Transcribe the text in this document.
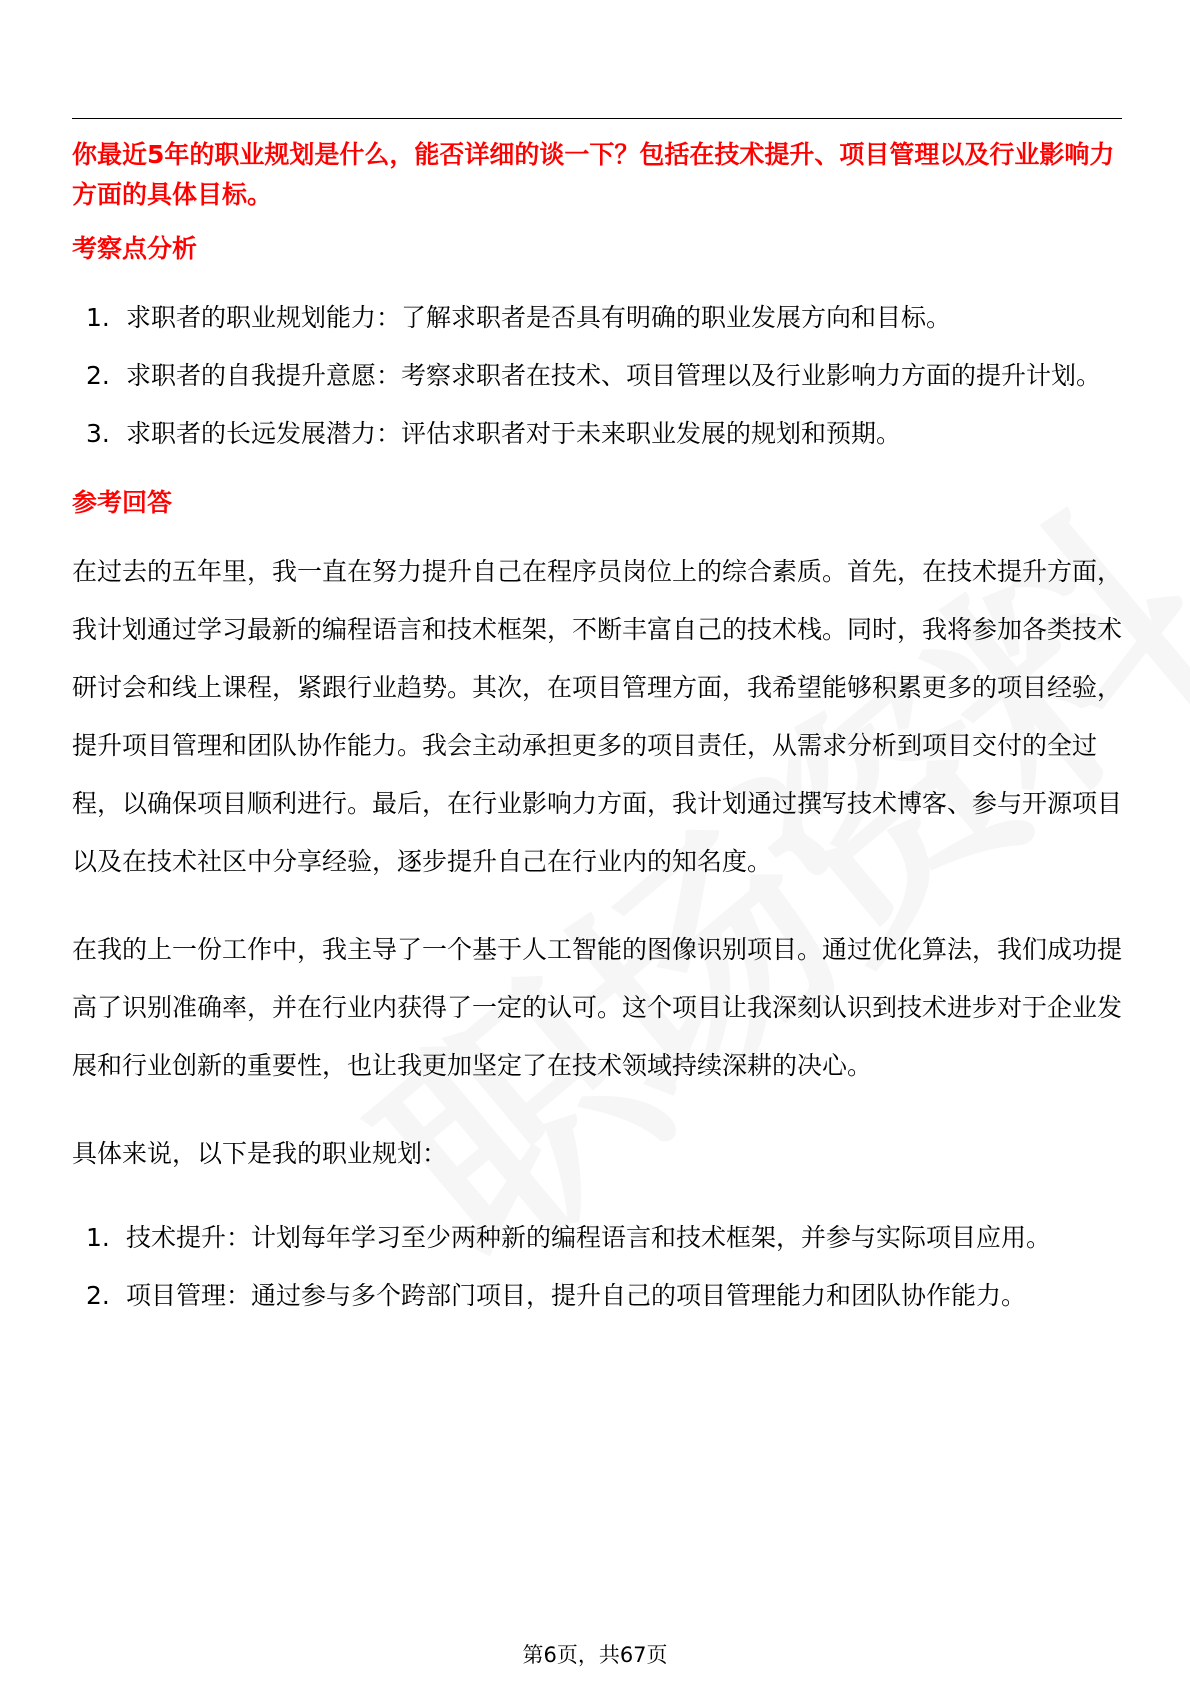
你最近5年的职业规划是什么，能否详细的谈一下？包括在技术提升、项目管理以及行业影响力方面的具体目标。

考察点分析

1. 求职者的职业规划能力：了解求职者是否具有明确的职业发展方向和目标。
2. 求职者的自我提升意愿：考察求职者在技术、项目管理以及行业影响力方面的提升计划。
3. 求职者的长远发展潜力：评估求职者对于未来职业发展的规划和预期。

参考回答

在过去的五年里，我一直在努力提升自己在程序员岗位上的综合素质。首先，在技术提升方面，我计划通过学习最新的编程语言和技术框架，不断丰富自己的技术栈。同时，我将参加各类技术研讨会和线上课程，紧跟行业趋势。其次，在项目管理方面，我希望能够积累更多的项目经验，提升项目管理和团队协作能力。我会主动承担更多的项目责任，从需求分析到项目交付的全过程，以确保项目顺利进行。最后，在行业影响力方面，我计划通过撰写技术博客、参与开源项目以及在技术社区中分享经验，逐步提升自己在行业内的知名度。

在我的上一份工作中，我主导了一个基于人工智能的图像识别项目。通过优化算法，我们成功提高了识别准确率，并在行业内获得了一定的认可。这个项目让我深刻认识到技术进步对于企业发展和行业创新的重要性，也让我更加坚定了在技术领域持续深耕的决心。

具体来说，以下是我的职业规划：

1. 技术提升：计划每年学习至少两种新的编程语言和技术框架，并参与实际项目应用。
2. 项目管理：通过参与多个跨部门项目，提升自己的项目管理能力和团队协作能力。
第6页，共67页
